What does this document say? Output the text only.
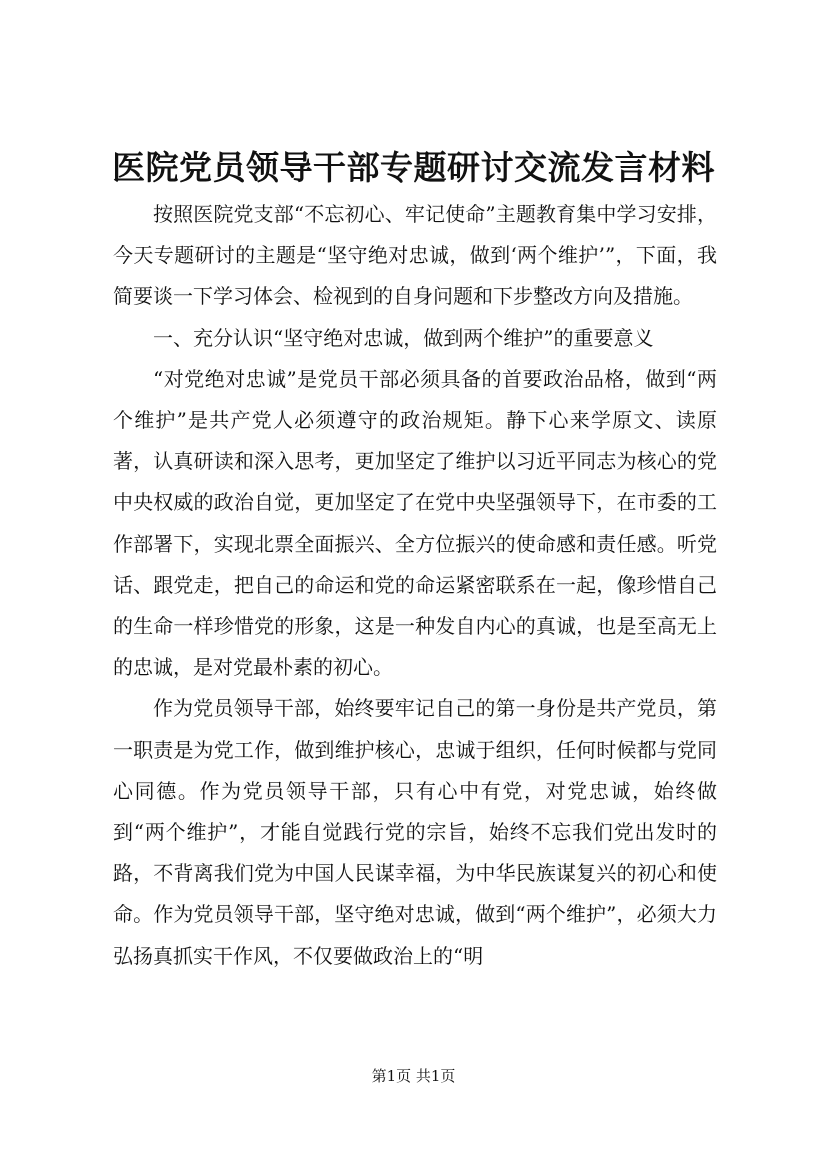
医院党员领导干部专题研讨交流发言材料

按照医院党支部“不忘初心、牢记使命”主题教育集中学习安排，今天专题研讨的主题是“坚守绝对忠诚，做到‘两个维护’”，下面，我简要谈一下学习体会、检视到的自身问题和下步整改方向及措施。

一、充分认识“坚守绝对忠诚，做到两个维护”的重要意义

“对党绝对忠诚”是党员干部必须具备的首要政治品格，做到“两个维护”是共产党人必须遵守的政治规矩。静下心来学原文、读原著，认真研读和深入思考，更加坚定了维护以习近平同志为核心的党中央权威的政治自觉，更加坚定了在党中央坚强领导下，在市委的工作部署下，实现北票全面振兴、全方位振兴的使命感和责任感。听党话、跟党走，把自己的命运和党的命运紧密联系在一起，像珍惜自己的生命一样珍惜党的形象，这是一种发自内心的真诚，也是至高无上的忠诚，是对党最朴素的初心。

作为党员领导干部，始终要牢记自己的第一身份是共产党员，第一职责是为党工作，做到维护核心，忠诚于组织，任何时候都与党同心同德。作为党员领导干部，只有心中有党，对党忠诚，始终做到“两个维护”，才能自觉践行党的宗旨，始终不忘我们党出发时的路，不背离我们党为中国人民谋幸福，为中华民族谋复兴的初心和使命。作为党员领导干部，坚守绝对忠诚，做到“两个维护”，必须大力弘扬真抓实干作风，不仅要做政治上的“明

第1页 共1页
